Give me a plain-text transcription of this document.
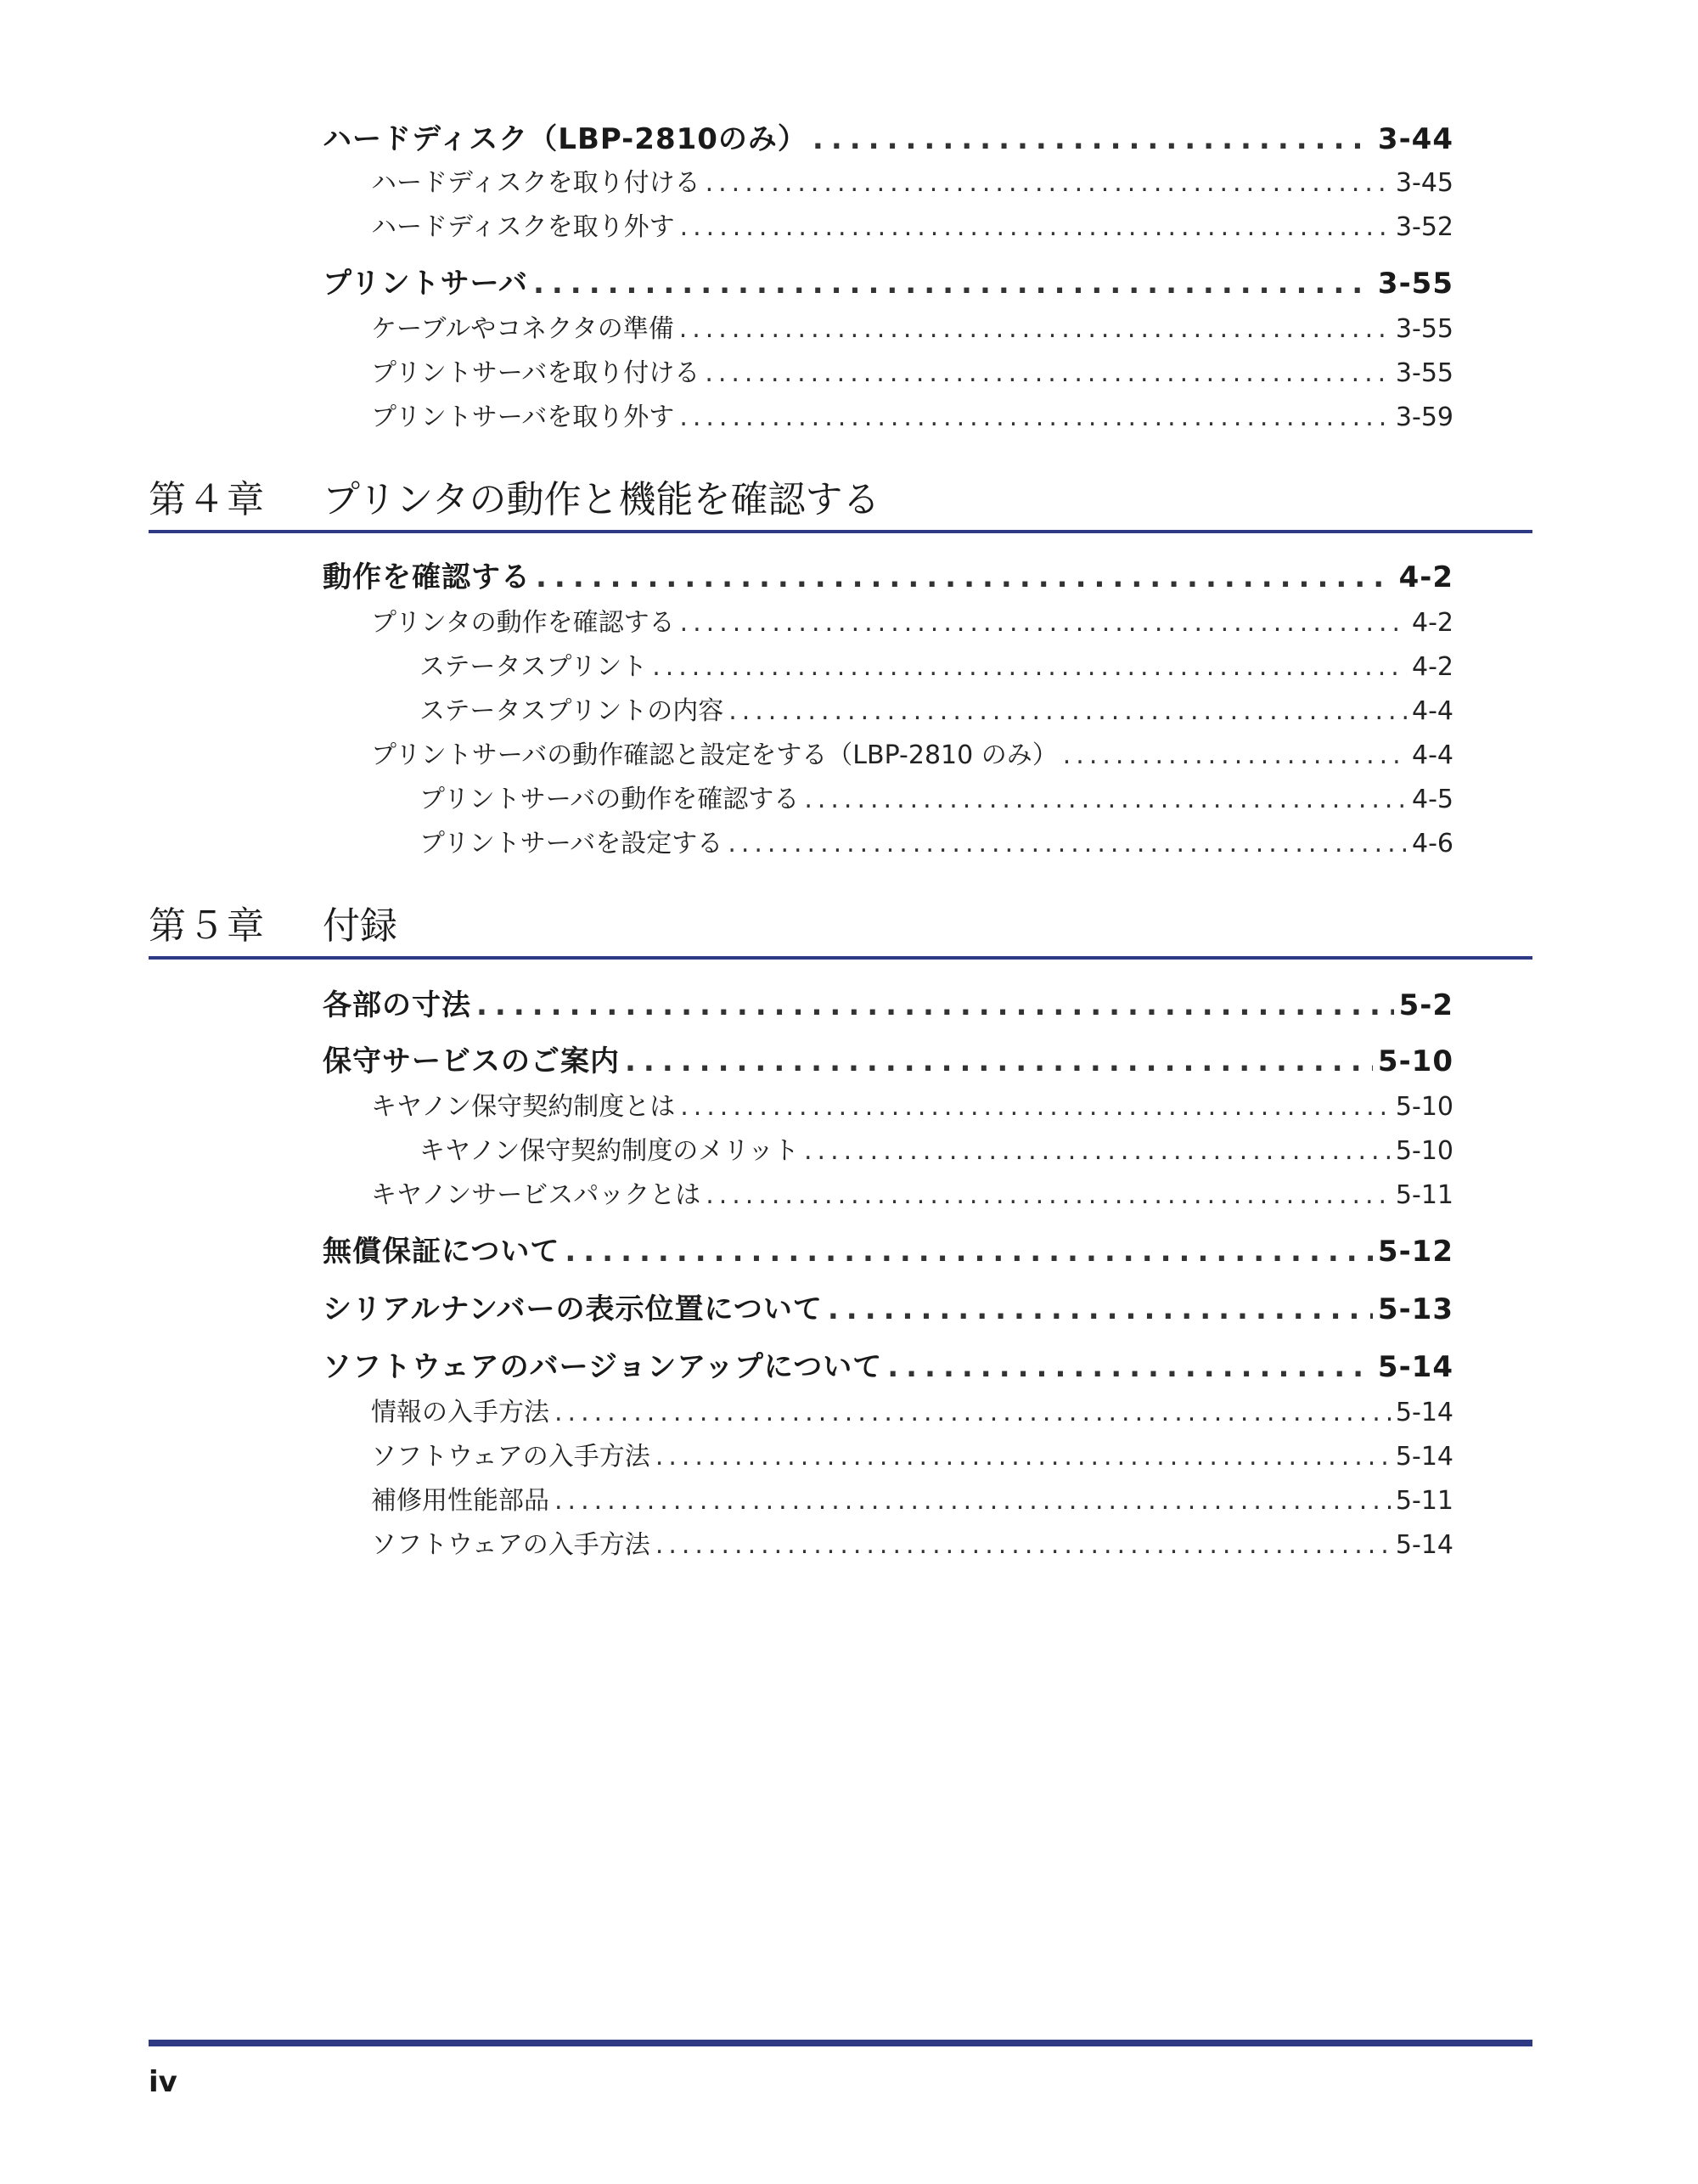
ハードディスク（LBP-2810のみ） .....	3-44
ハードディスクを取り付ける .....	3-45
ハードディスクを取り外す .....	3-52
プリントサーバ .....	3-55
ケーブルやコネクタの準備 .....	3-55
プリントサーバを取り付ける .....	3-55
プリントサーバを取り外す .....	3-59
第４章	プリンタの動作と機能を確認する
動作を確認する .....	4-2
プリンタの動作を確認する .....	4-2
ステータスプリント .....	4-2
ステータスプリントの内容 .....	4-4
プリントサーバの動作確認と設定をする（LBP-2810 のみ） .....	4-4
プリントサーバの動作を確認する .....	4-5
プリントサーバを設定する .....	4-6
第５章	付録
各部の寸法 .....	5-2
保守サービスのご案内 .....	5-10
キヤノン保守契約制度とは .....	5-10
キヤノン保守契約制度のメリット .....	5-10
キヤノンサービスパックとは .....	5-11
無償保証について .....	5-12
シリアルナンバーの表示位置について .....	5-13
ソフトウェアのバージョンアップについて .....	5-14
情報の入手方法 .....	5-14
ソフトウェアの入手方法 .....	5-14
補修用性能部品 .....	5-11
ソフトウェアの入手方法 .....	5-14
iv
